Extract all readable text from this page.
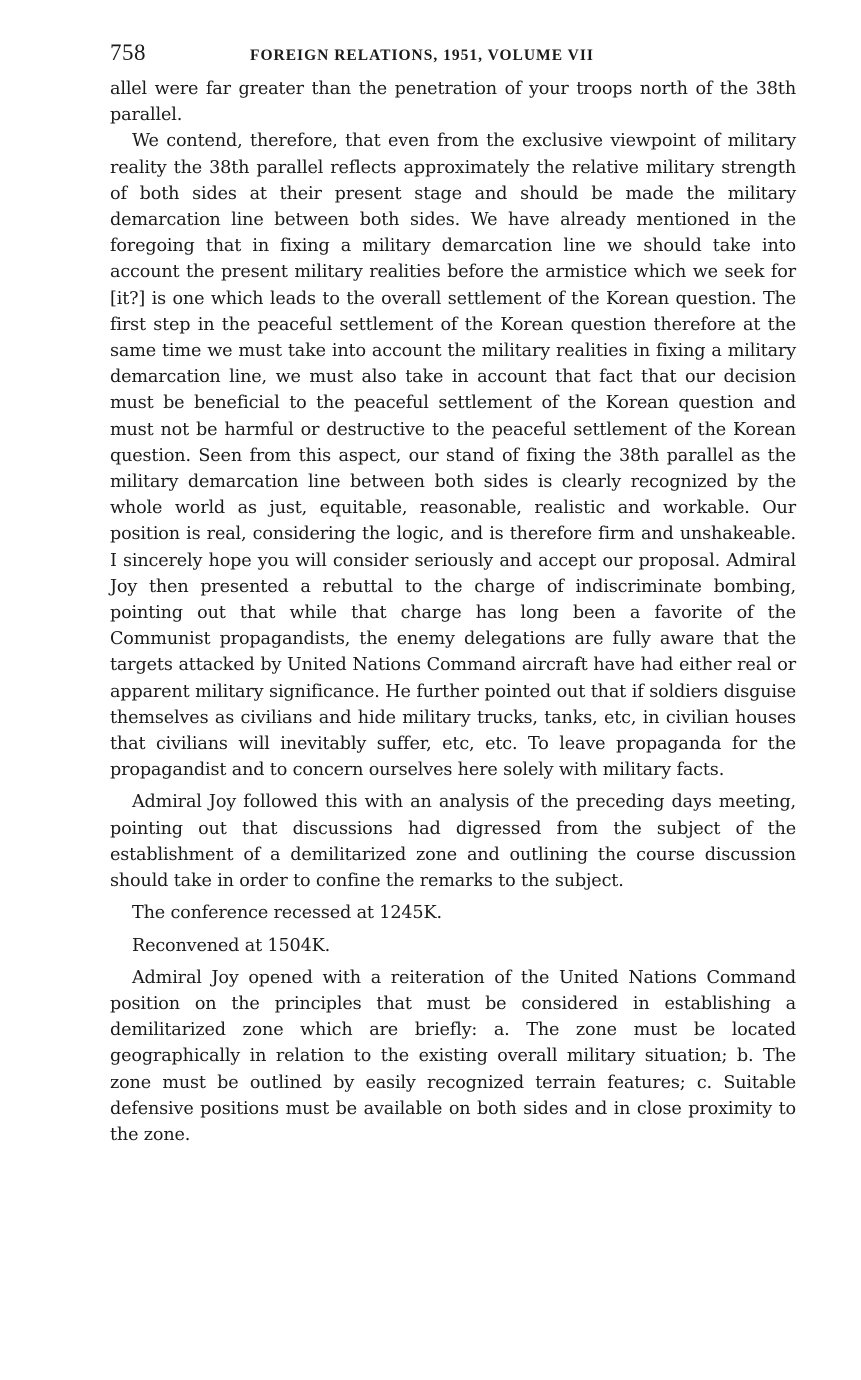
758	FOREIGN RELATIONS, 1951, VOLUME VII

allel were far greater than the penetration of your troops north of the 38th parallel.

We contend, therefore, that even from the exclusive viewpoint of military reality the 38th parallel reflects approximately the relative military strength of both sides at their present stage and should be made the military demarcation line between both sides. We have already mentioned in the foregoing that in fixing a military demarcation line we should take into account the present military realities before the armistice which we seek for [it?] is one which leads to the overall settlement of the Korean question. The first step in the peaceful settlement of the Korean question therefore at the same time we must take into account the military realities in fixing a military demarcation line, we must also take in account that fact that our decision must be beneficial to the peaceful settlement of the Korean question and must not be harmful or destructive to the peaceful settlement of the Korean question. Seen from this aspect, our stand of fixing the 38th parallel as the military demarcation line between both sides is clearly recognized by the whole world as just, equitable, reasonable, realistic and workable. Our position is real, considering the logic, and is therefore firm and unshakeable. I sincerely hope you will consider seriously and accept our proposal. Admiral Joy then presented a rebuttal to the charge of indiscriminate bombing, pointing out that while that charge has long been a favorite of the Communist propagandists, the enemy delegations are fully aware that the targets attacked by United Nations Command aircraft have had either real or apparent military significance. He further pointed out that if soldiers disguise themselves as civilians and hide military trucks, tanks, etc, in civilian houses that civilians will inevitably suffer, etc, etc. To leave propaganda for the propagandist and to concern ourselves here solely with military facts.

Admiral Joy followed this with an analysis of the preceding days meeting, pointing out that discussions had digressed from the subject of the establishment of a demilitarized zone and outlining the course discussion should take in order to confine the remarks to the subject.

The conference recessed at 1245K.

Reconvened at 1504K.

Admiral Joy opened with a reiteration of the United Nations Command position on the principles that must be considered in establishing a demilitarized zone which are briefly: a. The zone must be located geographically in relation to the existing overall military situation; b. The zone must be outlined by easily recognized terrain features; c. Suitable defensive positions must be available on both sides and in close proximity to the zone.
